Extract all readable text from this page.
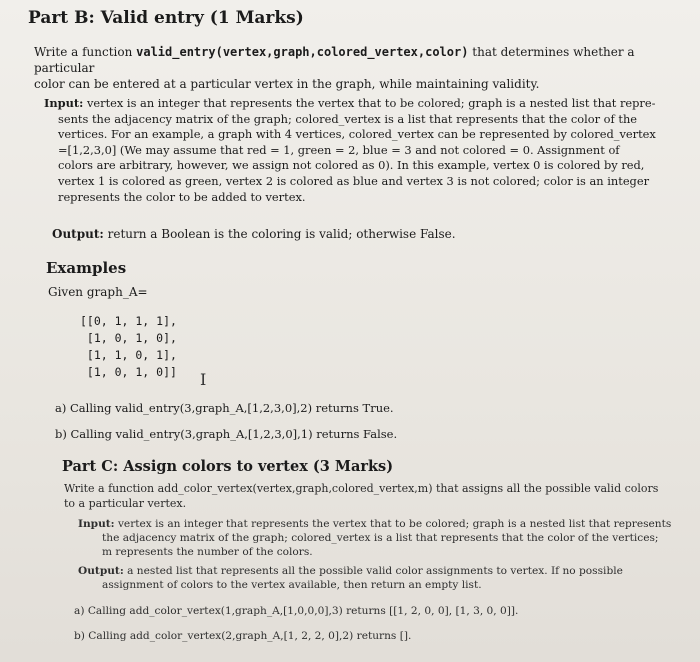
Part B: Valid entry (1 Marks)
Write a function valid_entry(vertex,graph,colored_vertex,color) that determines whether a particular
color can be entered at a particular vertex in the graph, while maintaining validity.
Input: vertex is an integer that represents the vertex that to be colored; graph is a nested list that repre-
sents the adjacency matrix of the graph; colored_vertex is a list that represents that the color of the
vertices. For an example, a graph with 4 vertices, colored_vertex can be represented by colored_vertex
=[1,2,3,0] (We may assume that red = 1, green = 2, blue = 3 and not colored = 0. Assignment of
colors are arbitrary, however, we assign not colored as 0). In this example, vertex 0 is colored by red,
vertex 1 is colored as green, vertex 2 is colored as blue and vertex 3 is not colored; color is an integer
represents the color to be added to vertex.
Output: return a Boolean is the coloring is valid; otherwise False.
Examples
Given graph_A=
[[0, 1, 1, 1],
[1, 0, 1, 0],
[1, 1, 0, 1],
[1, 0, 1, 0]] I
a) Calling valid_entry(3,graph_A,[1,2,3,0],2) returns True.
b) Calling valid_entry(3,graph_A,[1,2,3,0],1) returns False.
Part C: Assign colors to vertex (3 Marks)
Write a function add_color_vertex(vertex,graph,colored_vertex,m) that assigns all the possible valid colors
to a particular vertex.
Input: vertex is an integer that represents the vertex that to be colored; graph is a nested list that represents
the adjacency matrix of the graph; colored_vertex is a list that represents that the color of the vertices;
m represents the number of the colors.
Output: a nested list that represents all the possible valid color assignments to vertex. If no possible
assignment of colors to the vertex available, then return an empty list.
a) Calling add_color_vertex(1,graph_A,[1,0,0,0],3) returns [[1, 2, 0, 0], [1, 3, 0, 0]].
b) Calling add_color_vertex(2,graph_A,[1, 2, 2, 0],2) returns [].
